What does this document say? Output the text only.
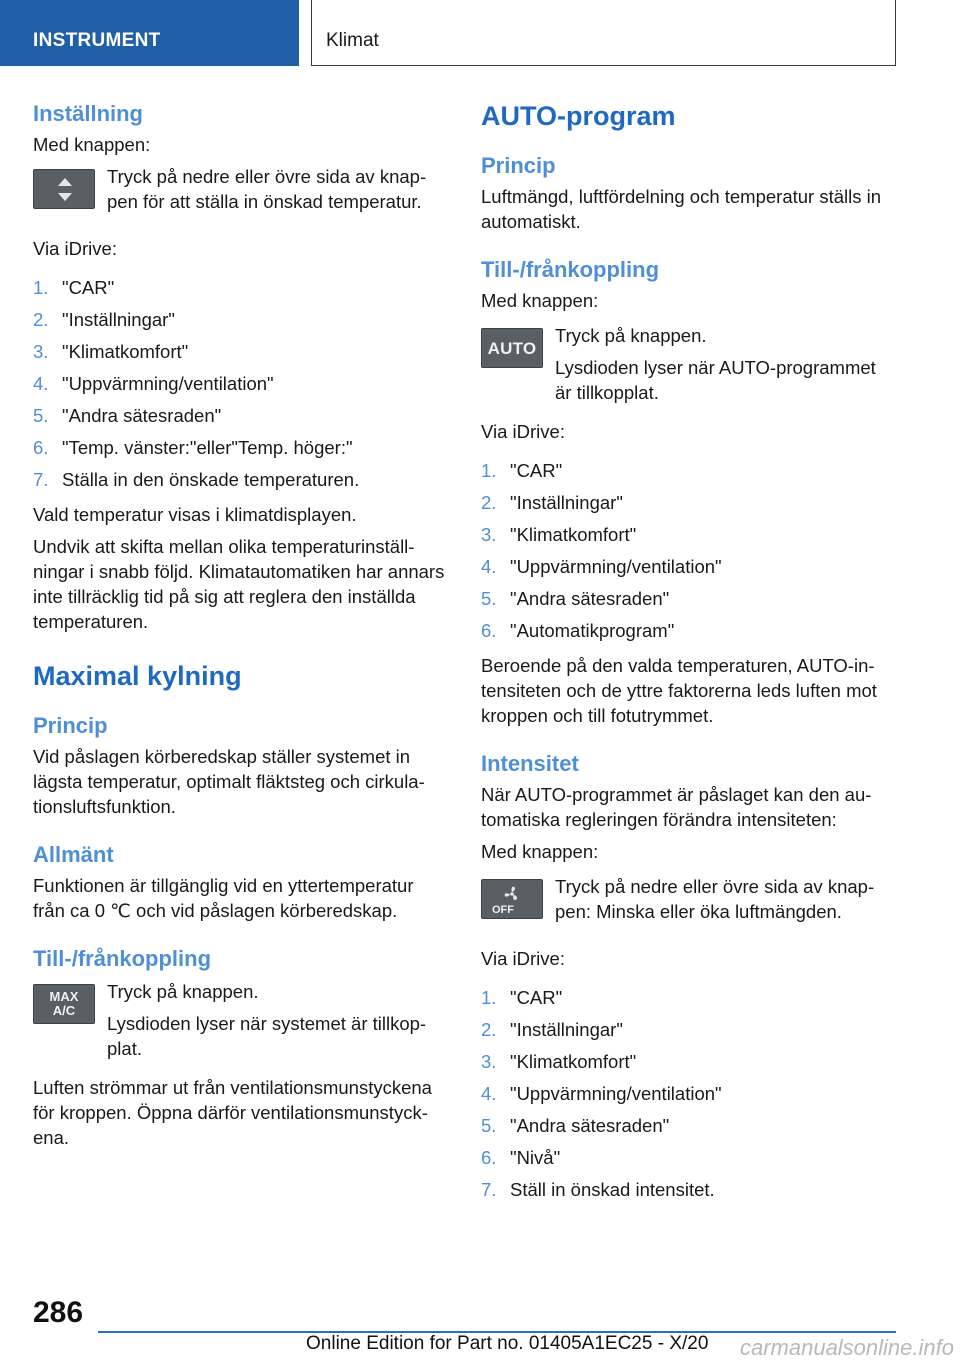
INSTRUMENT	Klimat
Inställning

Med knappen:

Tryck på nedre eller övre sida av knappen för att ställa in önskad temperatur.

Via iDrive:

1. "CAR"
2. "Inställningar"
3. "Klimatkomfort"
4. "Uppvärmning/ventilation"
5. "Andra sätesraden"
6. "Temp. vänster:"eller"Temp. höger:"
7. Ställa in den önskade temperaturen.

Vald temperatur visas i klimatdisplayen.

Undvik att skifta mellan olika temperaturinställningar i snabb följd. Klimatautomatiken har annars inte tillräcklig tid på sig att reglera den inställda temperaturen.

Maximal kylning
Princip

Vid påslagen körberedskap ställer systemet in lägsta temperatur, optimalt fläktsteg och cirkulationsluftsfunktion.

Allmänt

Funktionen är tillgänglig vid en yttertemperatur från ca 0 ℃ och vid påslagen körberedskap.

Till-/frånkoppling
MAX
A/C
Tryck på knappen.
Lysdioden lyser när systemet är tillkopplat.

Luften strömmar ut från ventilationsmunstyckena för kroppen. Öppna därför ventilationsmunstyckena.

AUTO-program
Princip

Luftmängd, luftfördelning och temperatur ställs in automatiskt.

Till-/frånkoppling

Med knappen:

AUTO
Tryck på knappen.
Lysdioden lyser när AUTO-programmet är tillkopplat.

Via iDrive:

1. "CAR"
2. "Inställningar"
3. "Klimatkomfort"
4. "Uppvärmning/ventilation"
5. "Andra sätesraden"
6. "Automatikprogram"

Beroende på den valda temperaturen, AUTO-intensiteten och de yttre faktorerna leds luften mot kroppen och till fotutrymmet.

Intensitet

När AUTO-programmet är påslaget kan den automatiska regleringen förändra intensiteten:

Med knappen:

OFF
Tryck på nedre eller övre sida av knappen: Minska eller öka luftmängden.

Via iDrive:

1. "CAR"
2. "Inställningar"
3. "Klimatkomfort"
4. "Uppvärmning/ventilation"
5. "Andra sätesraden"
6. "Nivå"
7. Ställ in önskad intensitet.
286
Online Edition for Part no. 01405A1EC25 - X/20 carmanualsonline.info
